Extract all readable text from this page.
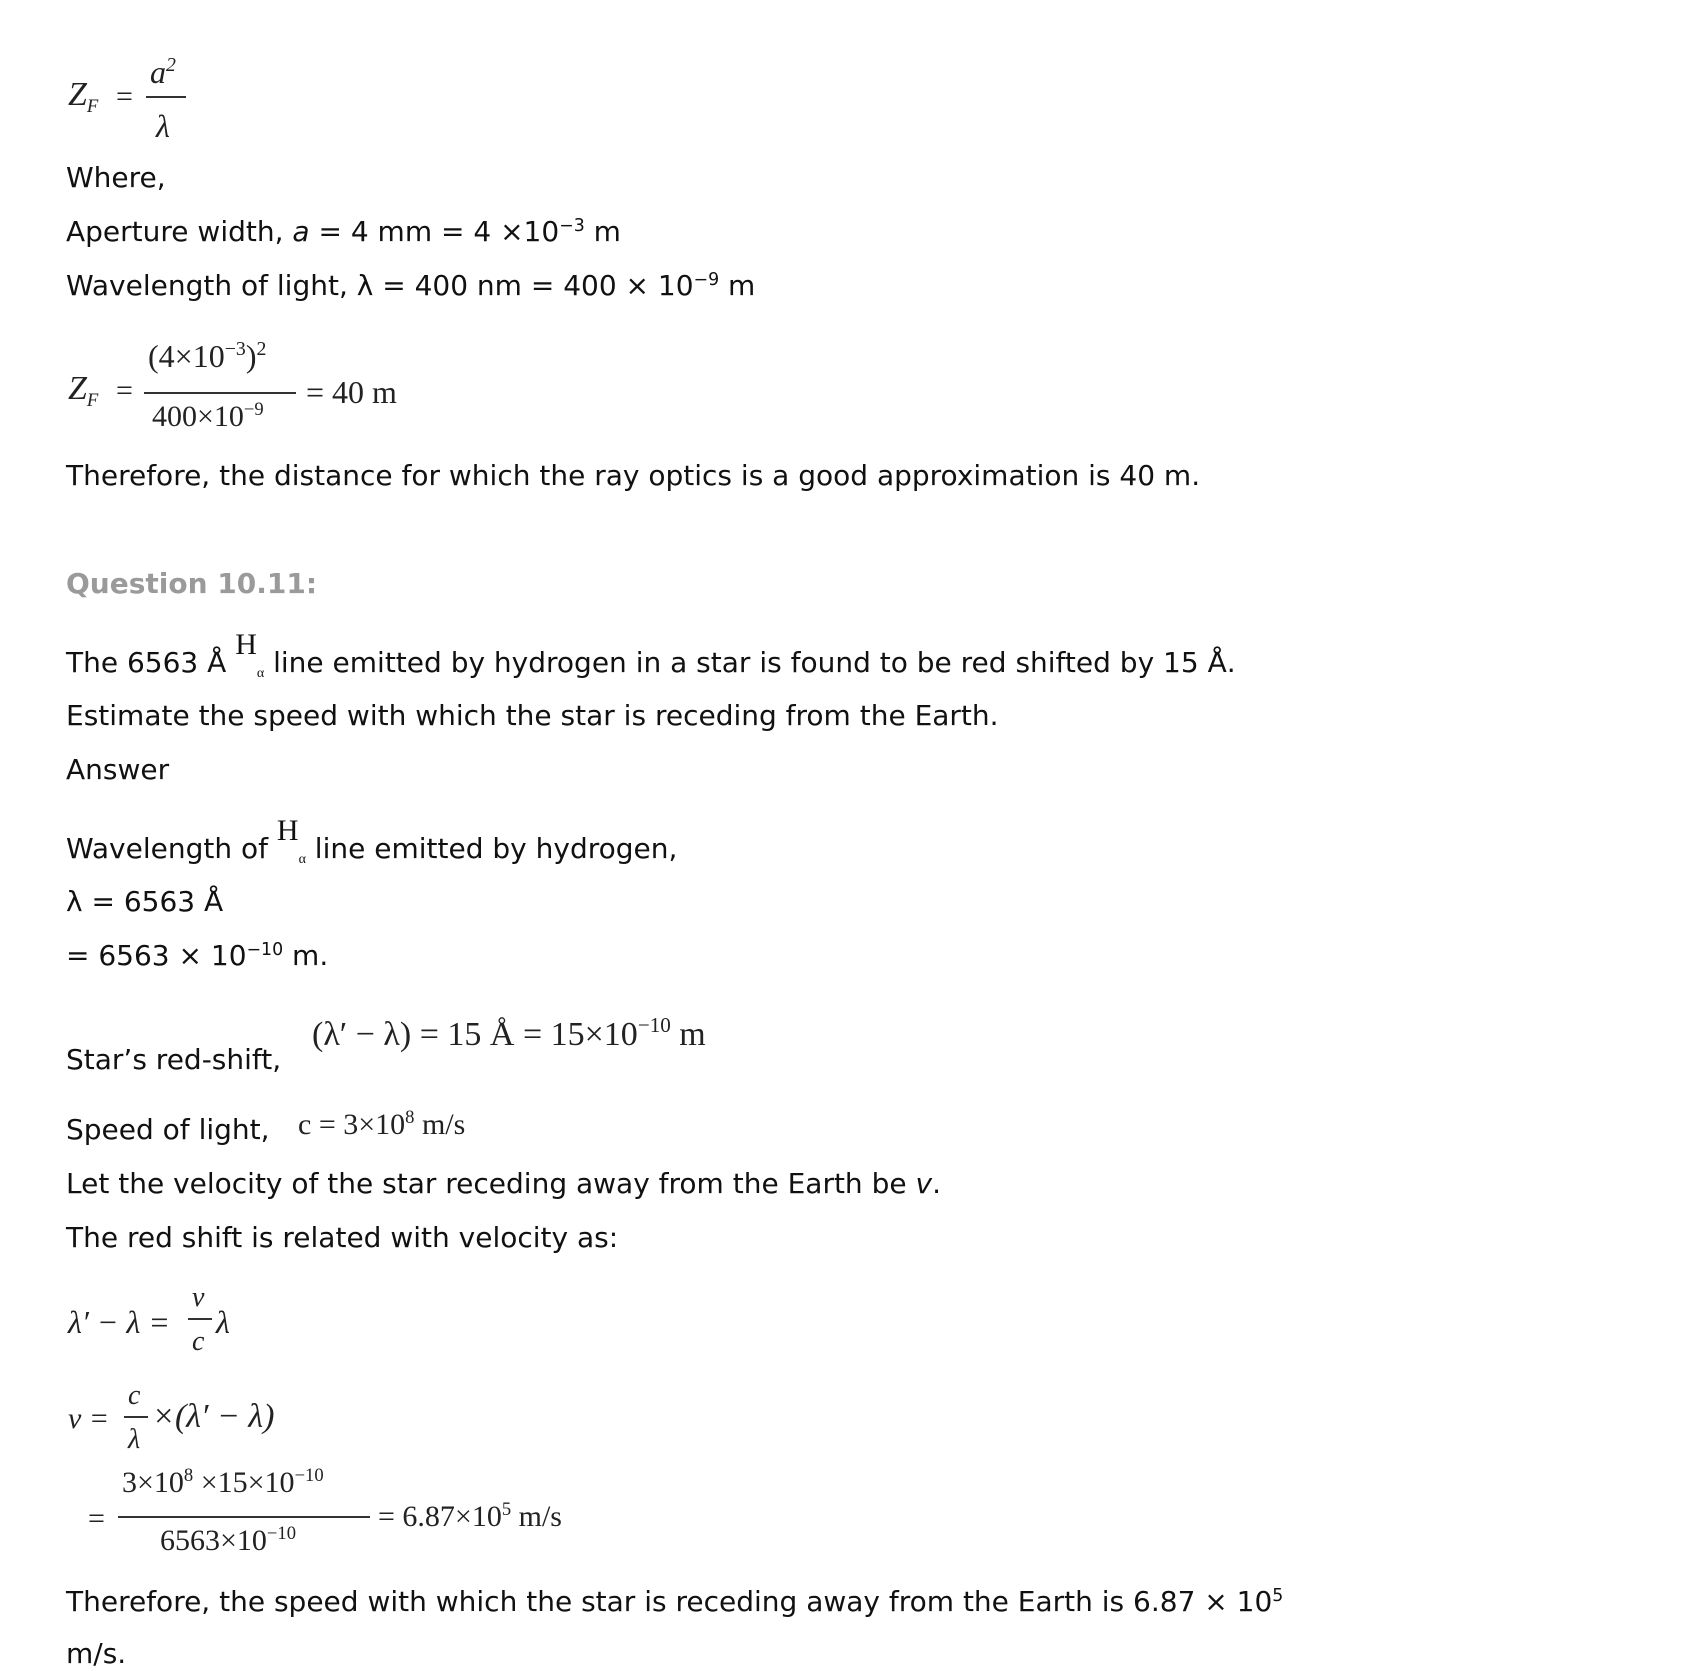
$Z_F$ =
$a^2$
λ
Where,
Aperture width, a = 4 mm = $4 \times 10^{-3}$ m
Wavelength of light, λ = 400 nm = $400 \times 10^{-9}$ m
$Z_F$ =
$(4\times 10^{-3})^2$
$400\times 10^{-9} = 40$ m
Therefore, the distance for which the ray optics is a good approximation is 40 m.
Question 10.11:
The 6563 Å $H_\alpha$ line emitted by hydrogen in a star is found to be red shifted by 15 Å.
Estimate the speed with which the star is receding from the Earth.
Answer
Wavelength of $H_\alpha$ line emitted by hydrogen,
λ = 6563 Å
= $6563 \times 10^{-10}$ m.
Star’s red-shift,
(λ′ − λ) = 15 Å = $15\times 10^{-10}$ m
Speed of light, $c = 3\times 10^8$ m/s
Let the velocity of the star receding away from the Earth be v.
The red shift is related with velocity as:
λ′ − λ =
v
c
λ
v =
c
λ
×(λ′ − λ)
=
$3\times 10^8 \times 15\times 10^{-10}$
$6563\times 10^{-10}$
= $6.87\times 10^5$ m/s
Therefore, the speed with which the star is receding away from the Earth is $6.87 \times 10^5$
m/s.
